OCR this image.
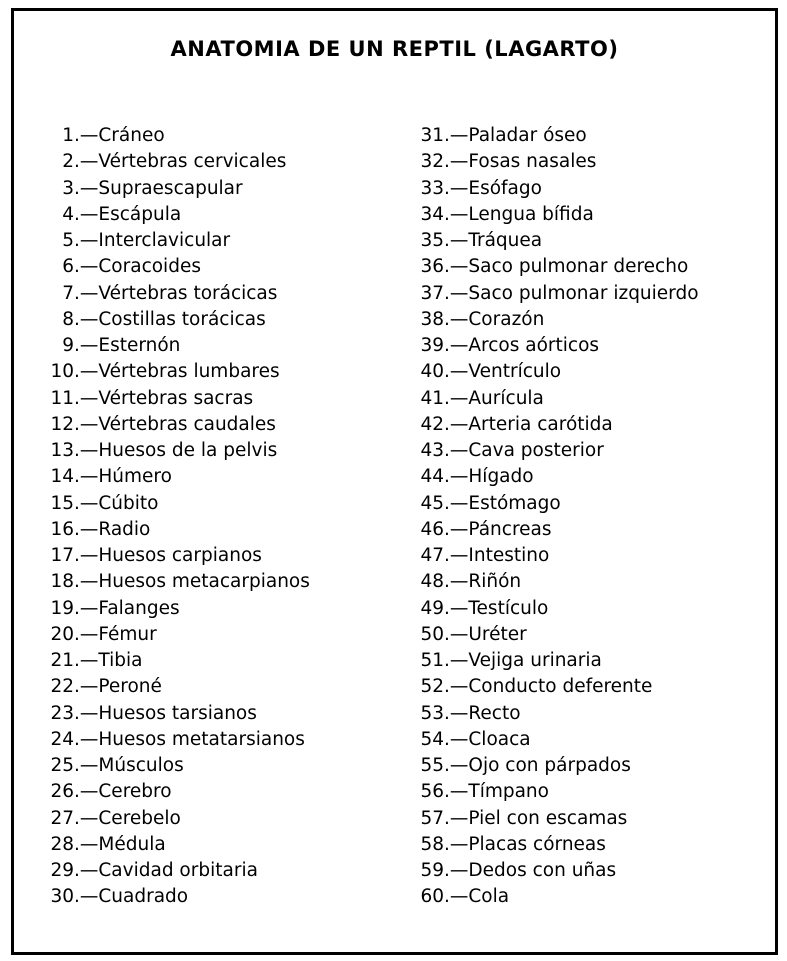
ANATOMIA DE UN REPTIL (LAGARTO)
1.—Cráneo
2.—Vértebras cervicales
3.—Supraescapular
4.—Escápula
5.—Interclavicular
6.—Coracoides
7.—Vértebras torácicas
8.—Costillas torácicas
9.—Esternón
10.—Vértebras lumbares
11.—Vértebras sacras
12.—Vértebras caudales
13.—Huesos de la pelvis
14.—Húmero
15.—Cúbito
16.—Radio
17.—Huesos carpianos
18.—Huesos metacarpianos
19.—Falanges
20.—Fémur
21.—Tibia
22.—Peroné
23.—Huesos tarsianos
24.—Huesos metatarsianos
25.—Músculos
26.—Cerebro
27.—Cerebelo
28.—Médula
29.—Cavidad orbitaria
30.—Cuadrado
31.—Paladar óseo
32.—Fosas nasales
33.—Esófago
34.—Lengua bífida
35.—Tráquea
36.—Saco pulmonar derecho
37.—Saco pulmonar izquierdo
38.—Corazón
39.—Arcos aórticos
40.—Ventrículo
41.—Aurícula
42.—Arteria carótida
43.—Cava posterior
44.—Hígado
45.—Estómago
46.—Páncreas
47.—Intestino
48.—Riñón
49.—Testículo
50.—Uréter
51.—Vejiga urinaria
52.—Conducto deferente
53.—Recto
54.—Cloaca
55.—Ojo con párpados
56.—Tímpano
57.—Piel con escamas
58.—Placas córneas
59.—Dedos con uñas
60.—Cola
